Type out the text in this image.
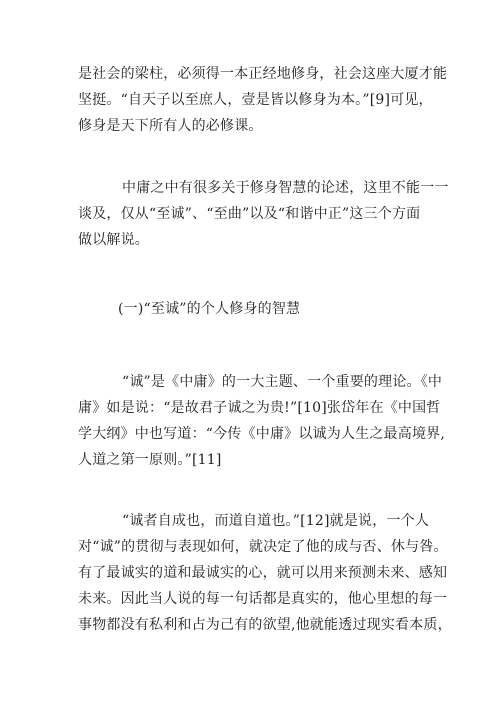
是社会的梁柱，必须得一本正经地修身，社会这座大厦才能
坚挺。“自天子以至庶人，壹是皆以修身为本。”[9]可见，
修身是天下所有人的必修课。
中庸之中有很多关于修身智慧的论述，这里不能一一
谈及，仅从“至诚”、“至曲”以及“和谐中正”这三个方面
做以解说。
(一)“至诚”的个人修身的智慧
“诚”是《中庸》的一大主题、一个重要的理论。《中
庸》如是说：“是故君子诚之为贵!”[10]张岱年在《中国哲
学大纲》中也写道：“今传《中庸》以诚为人生之最高境界,
人道之第一原则。”[11]
“诚者自成也，而道自道也。”[12]就是说，一个人
对“诚”的贯彻与表现如何，就决定了他的成与否、休与咎。
有了最诚实的道和最诚实的心，就可以用来预测未来、感知
未来。因此当人说的每一句话都是真实的，他心里想的每一
事物都没有私利和占为己有的欲望,他就能透过现实看本质，
